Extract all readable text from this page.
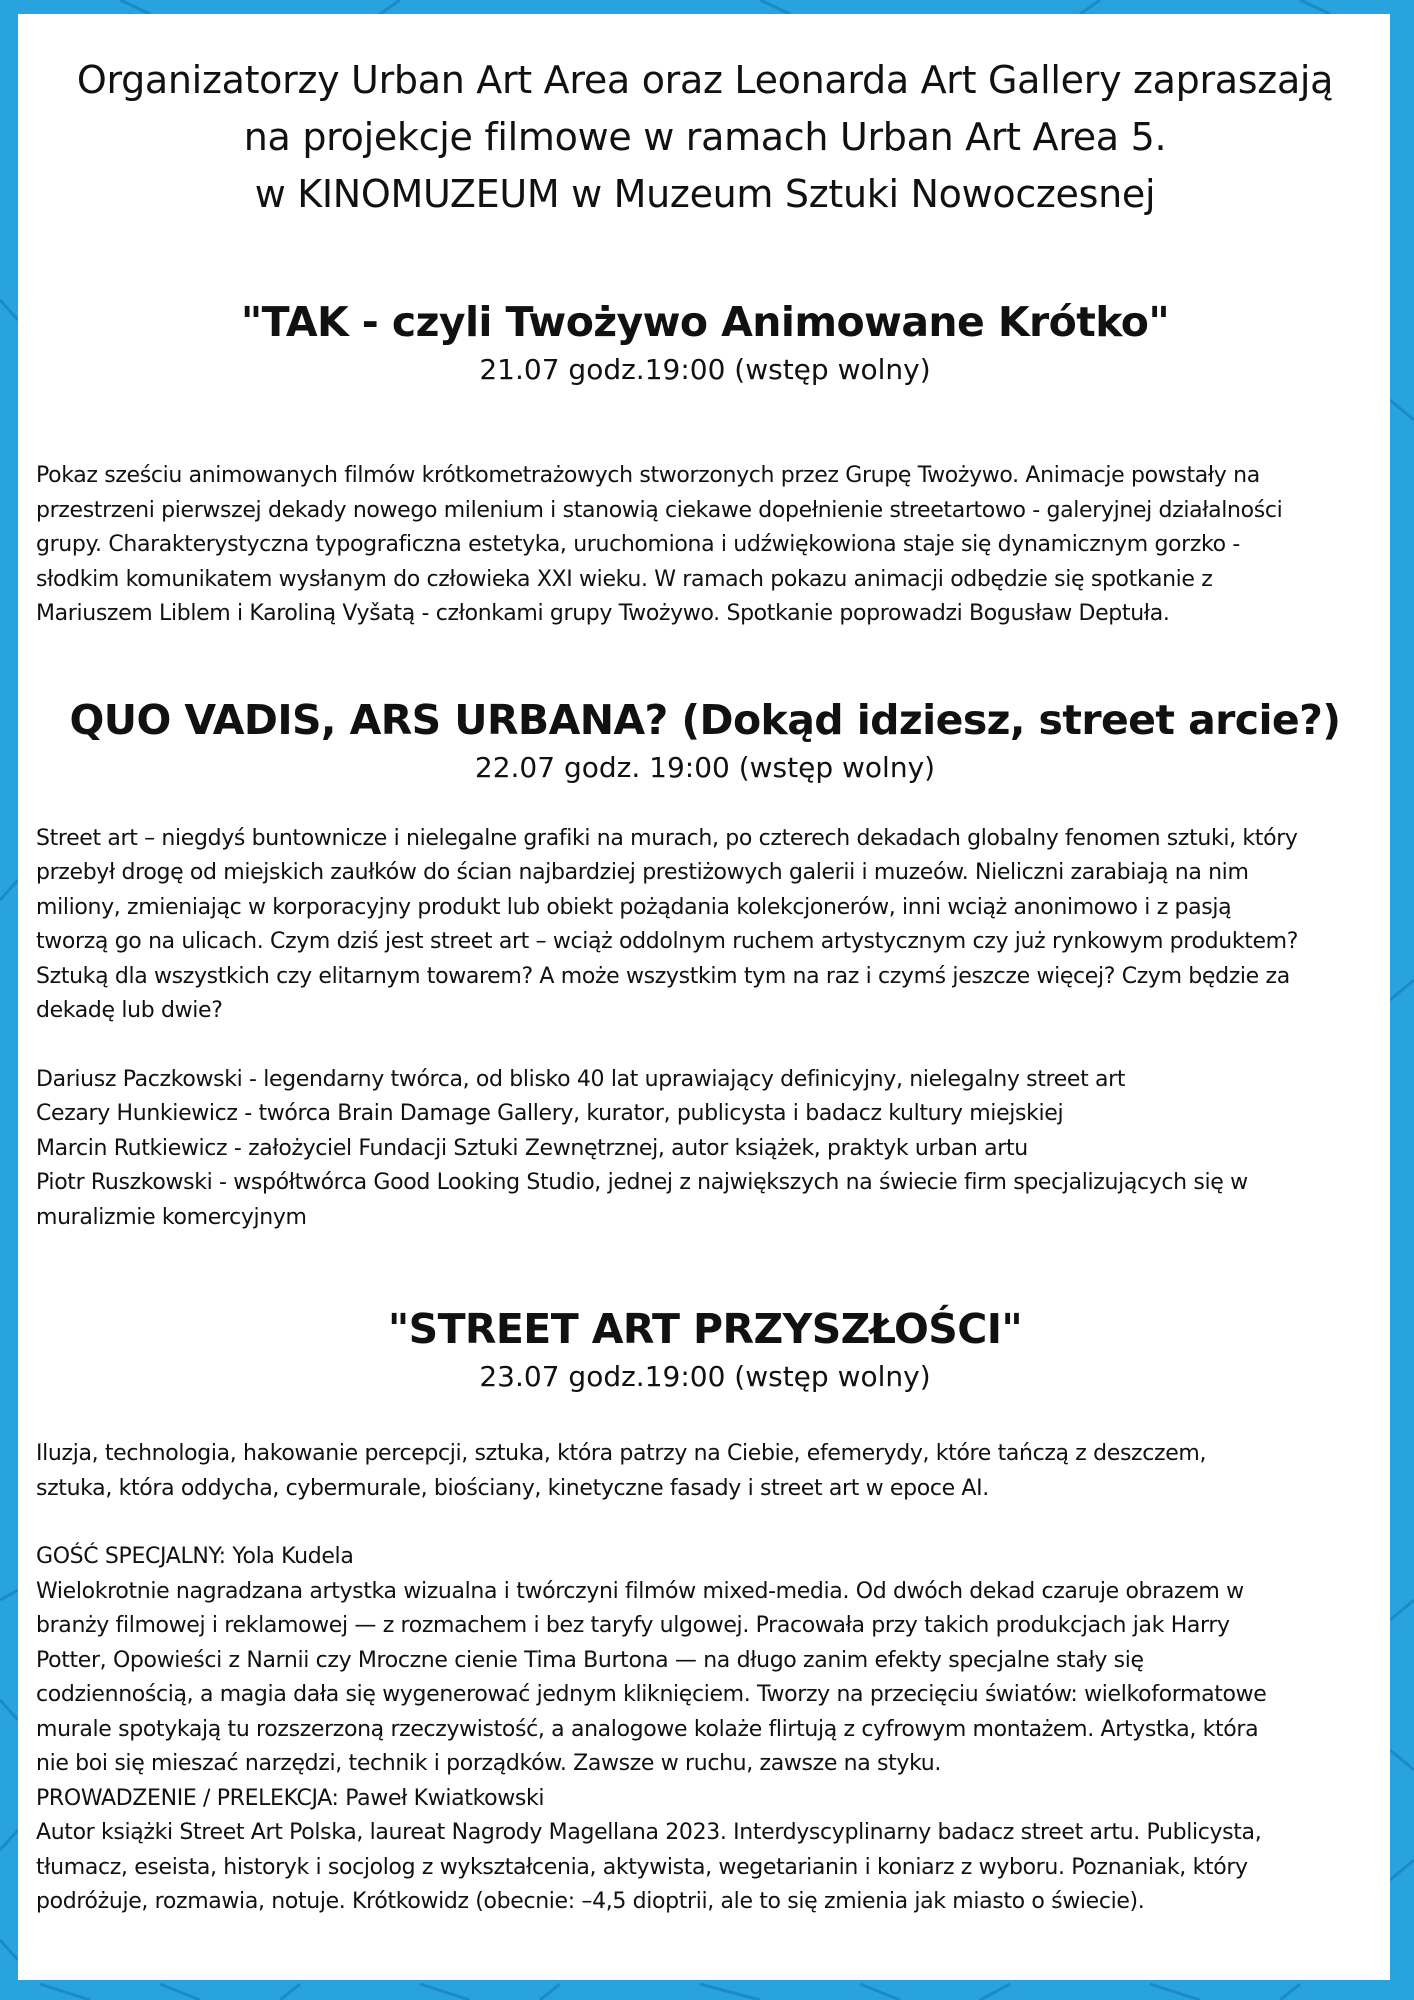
Organizatorzy Urban Art Area oraz Leonarda Art Gallery zapraszają
na projekcje filmowe w ramach Urban Art Area 5.
w KINOMUZEUM w Muzeum Sztuki Nowoczesnej
"TAK - czyli Twożywo Animowane Krótko"

21.07 godz.19:00 (wstęp wolny)

Pokaz sześciu animowanych filmów krótkometrażowych stworzonych przez Grupę Twożywo. Animacje powstały na
przestrzeni pierwszej dekady nowego milenium i stanowią ciekawe dopełnienie streetartowo - galeryjnej działalności
grupy. Charakterystyczna typograficzna estetyka, uruchomiona i udźwiękowiona staje się dynamicznym gorzko -
słodkim komunikatem wysłanym do człowieka XXI wieku. W ramach pokazu animacji odbędzie się spotkanie z
Mariuszem Liblem i Karoliną Vyšatą - członkami grupy Twożywo. Spotkanie poprowadzi Bogusław Deptuła.
QUO VADIS, ARS URBANA? (Dokąd idziesz, street arcie?)

22.07 godz. 19:00 (wstęp wolny)

Street art – niegdyś buntownicze i nielegalne grafiki na murach, po czterech dekadach globalny fenomen sztuki, który
przebył drogę od miejskich zaułków do ścian najbardziej prestiżowych galerii i muzeów. Nieliczni zarabiają na nim
miliony, zmieniając w korporacyjny produkt lub obiekt pożądania kolekcjonerów, inni wciąż anonimowo i z pasją
tworzą go na ulicach. Czym dziś jest street art – wciąż oddolnym ruchem artystycznym czy już rynkowym produktem?
Sztuką dla wszystkich czy elitarnym towarem? A może wszystkim tym na raz i czymś jeszcze więcej? Czym będzie za
dekadę lub dwie?
Dariusz Paczkowski - legendarny twórca, od blisko 40 lat uprawiający definicyjny, nielegalny street art
Cezary Hunkiewicz - twórca Brain Damage Gallery, kurator, publicysta i badacz kultury miejskiej
Marcin Rutkiewicz - założyciel Fundacji Sztuki Zewnętrznej, autor książek, praktyk urban artu
Piotr Ruszkowski - współtwórca Good Looking Studio, jednej z największych na świecie firm specjalizujących się w
muralizmie komercyjnym
"STREET ART PRZYSZŁOŚCI"

23.07 godz.19:00 (wstęp wolny)

Iluzja, technologia, hakowanie percepcji, sztuka, która patrzy na Ciebie, efemerydy, które tańczą z deszczem,
sztuka, która oddycha, cybermurale, biościany, kinetyczne fasady i street art w epoce AI.
GOŚĆ SPECJALNY: Yola Kudela
Wielokrotnie nagradzana artystka wizualna i twórczyni filmów mixed-media. Od dwóch dekad czaruje obrazem w
branży filmowej i reklamowej — z rozmachem i bez taryfy ulgowej. Pracowała przy takich produkcjach jak Harry
Potter, Opowieści z Narnii czy Mroczne cienie Tima Burtona — na długo zanim efekty specjalne stały się
codziennością, a magia dała się wygenerować jednym kliknięciem. Tworzy na przecięciu światów: wielkoformatowe
murale spotykają tu rozszerzoną rzeczywistość, a analogowe kolaże flirtują z cyfrowym montażem. Artystka, która
nie boi się mieszać narzędzi, technik i porządków. Zawsze w ruchu, zawsze na styku.
PROWADZENIE / PRELEKCJA: Paweł Kwiatkowski
Autor książki Street Art Polska, laureat Nagrody Magellana 2023. Interdyscyplinarny badacz street artu. Publicysta,
tłumacz, eseista, historyk i socjolog z wykształcenia, aktywista, wegetarianin i koniarz z wyboru. Poznaniak, który
podróżuje, rozmawia, notuje. Krótkowidz (obecnie: –4,5 dioptrii, ale to się zmienia jak miasto o świecie).
